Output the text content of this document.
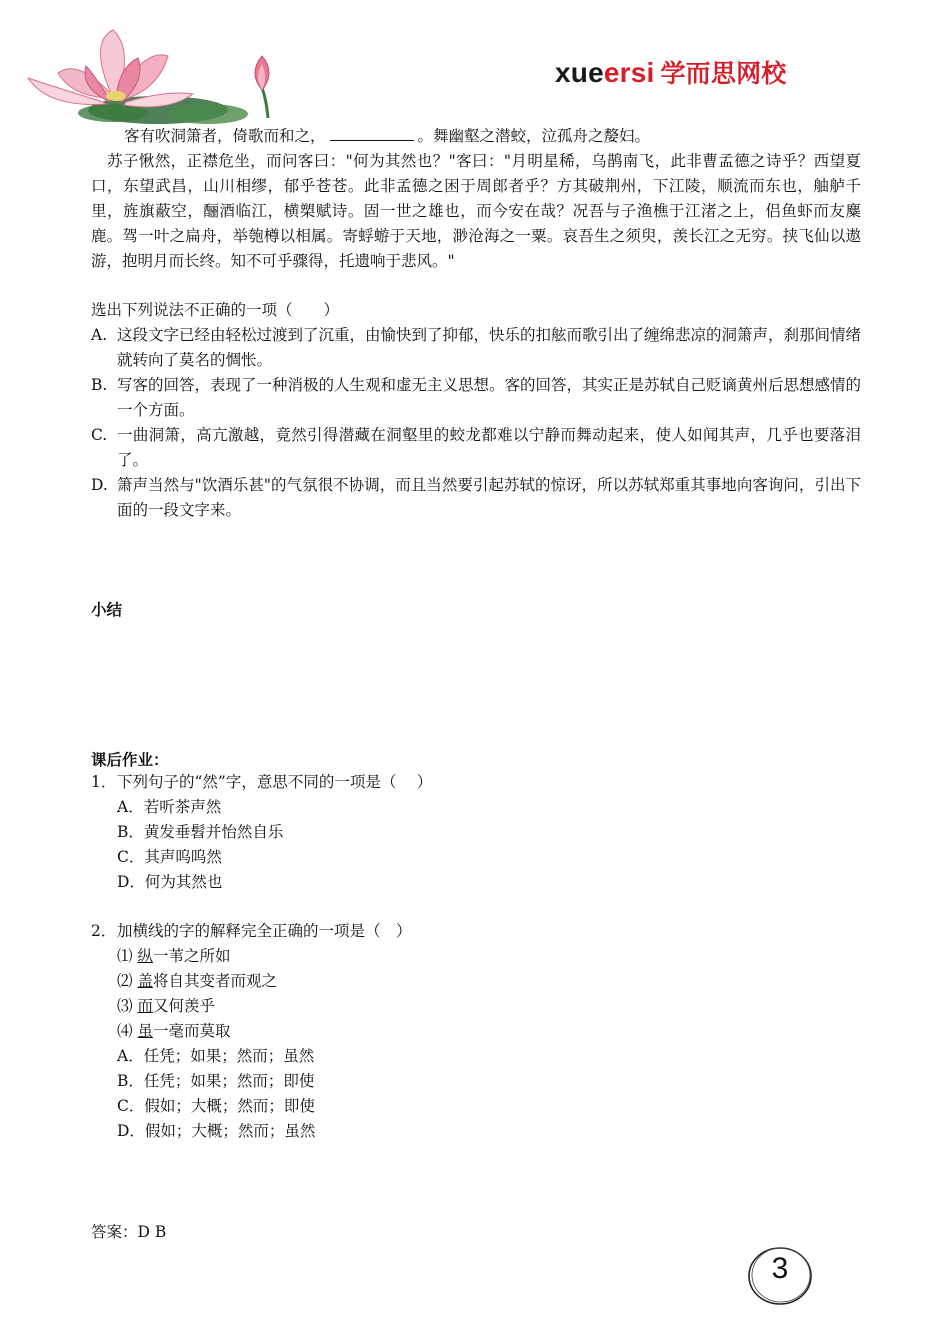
xueersi 学而思网校

客有吹洞箫者，倚歌而和之，	。舞幽壑之潜蛟，泣孤舟之嫠妇。

苏子愀然，正襟危坐，而问客曰："何为其然也？"客曰："月明星稀，乌鹊南飞，此非曹孟德之诗乎？西望夏口，东望武昌，山川相缪，郁乎苍苍。此非孟德之困于周郎者乎？方其破荆州，下江陵，顺流而东也，舳舻千里，旌旗蔽空，酾酒临江，横槊赋诗。固一世之雄也，而今安在哉？况吾与子渔樵于江渚之上，侣鱼虾而友麋鹿。驾一叶之扁舟，举匏樽以相属。寄蜉蝣于天地，渺沧海之一粟。哀吾生之须臾，羡长江之无穷。挟飞仙以遨游，抱明月而长终。知不可乎骤得，托遗响于悲风。"

选出下列说法不正确的一项（　　）
A. 这段文字已经由轻松过渡到了沉重，由愉快到了抑郁，快乐的扣舷而歌引出了缠绵悲凉的洞箫声，刹那间情绪就转向了莫名的惆怅。
B. 写客的回答，表现了一种消极的人生观和虚无主义思想。客的回答，其实正是苏轼自己贬谪黄州后思想感情的一个方面。
C. 一曲洞箫，高亢激越，竟然引得潜藏在洞壑里的蛟龙都难以宁静而舞动起来，使人如闻其声，几乎也要落泪了。
D. 箫声当然与"饮酒乐甚"的气氛很不协调，而且当然要引起苏轼的惊讶，所以苏轼郑重其事地向客询问，引出下面的一段文字来。
小结
课后作业：
1． 下列句子的“然”字，意思不同的一项是（　 ）
A．若听茶声然
B．黄发垂髫并怡然自乐
C．其声呜呜然
D．何为其然也
2． 加横线的字的解释完全正确的一项是（　）
⑴ 纵一苇之所如
⑵ 盖将自其变者而观之
⑶ 而又何羡乎
⑷ 虽一毫而莫取
A．任凭；如果；然而；虽然
B．任凭；如果；然而；即使
C．假如；大概；然而；即使
D．假如；大概；然而；虽然
答案：D B
3
